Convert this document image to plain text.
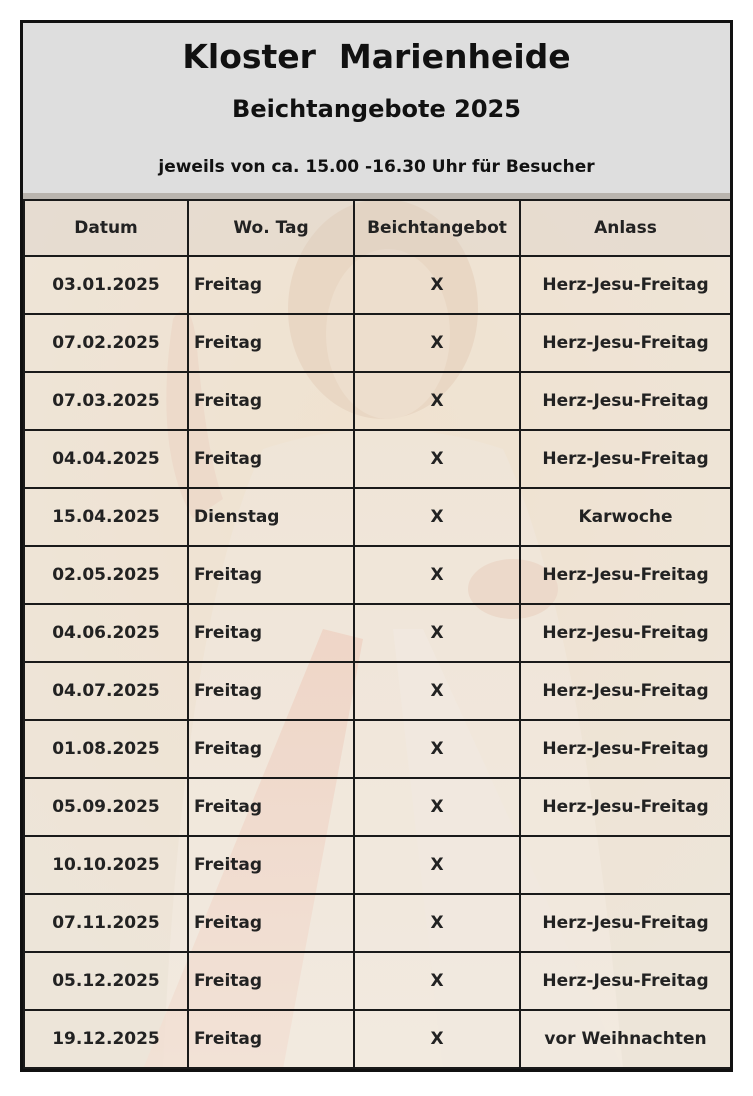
Kloster  Marienheide
Beichtangebote 2025
jeweils von ca. 15.00 -16.30 Uhr für Besucher
Datum	Wo. Tag	Beichtangebot	Anlass
03.01.2025	Freitag	X	Herz-Jesu-Freitag
07.02.2025	Freitag	X	Herz-Jesu-Freitag
07.03.2025	Freitag	X	Herz-Jesu-Freitag
04.04.2025	Freitag	X	Herz-Jesu-Freitag
15.04.2025	Dienstag	X	Karwoche
02.05.2025	Freitag	X	Herz-Jesu-Freitag
04.06.2025	Freitag	X	Herz-Jesu-Freitag
04.07.2025	Freitag	X	Herz-Jesu-Freitag
01.08.2025	Freitag	X	Herz-Jesu-Freitag
05.09.2025	Freitag	X	Herz-Jesu-Freitag
10.10.2025	Freitag	X	
07.11.2025	Freitag	X	Herz-Jesu-Freitag
05.12.2025	Freitag	X	Herz-Jesu-Freitag
19.12.2025	Freitag	X	vor Weihnachten
